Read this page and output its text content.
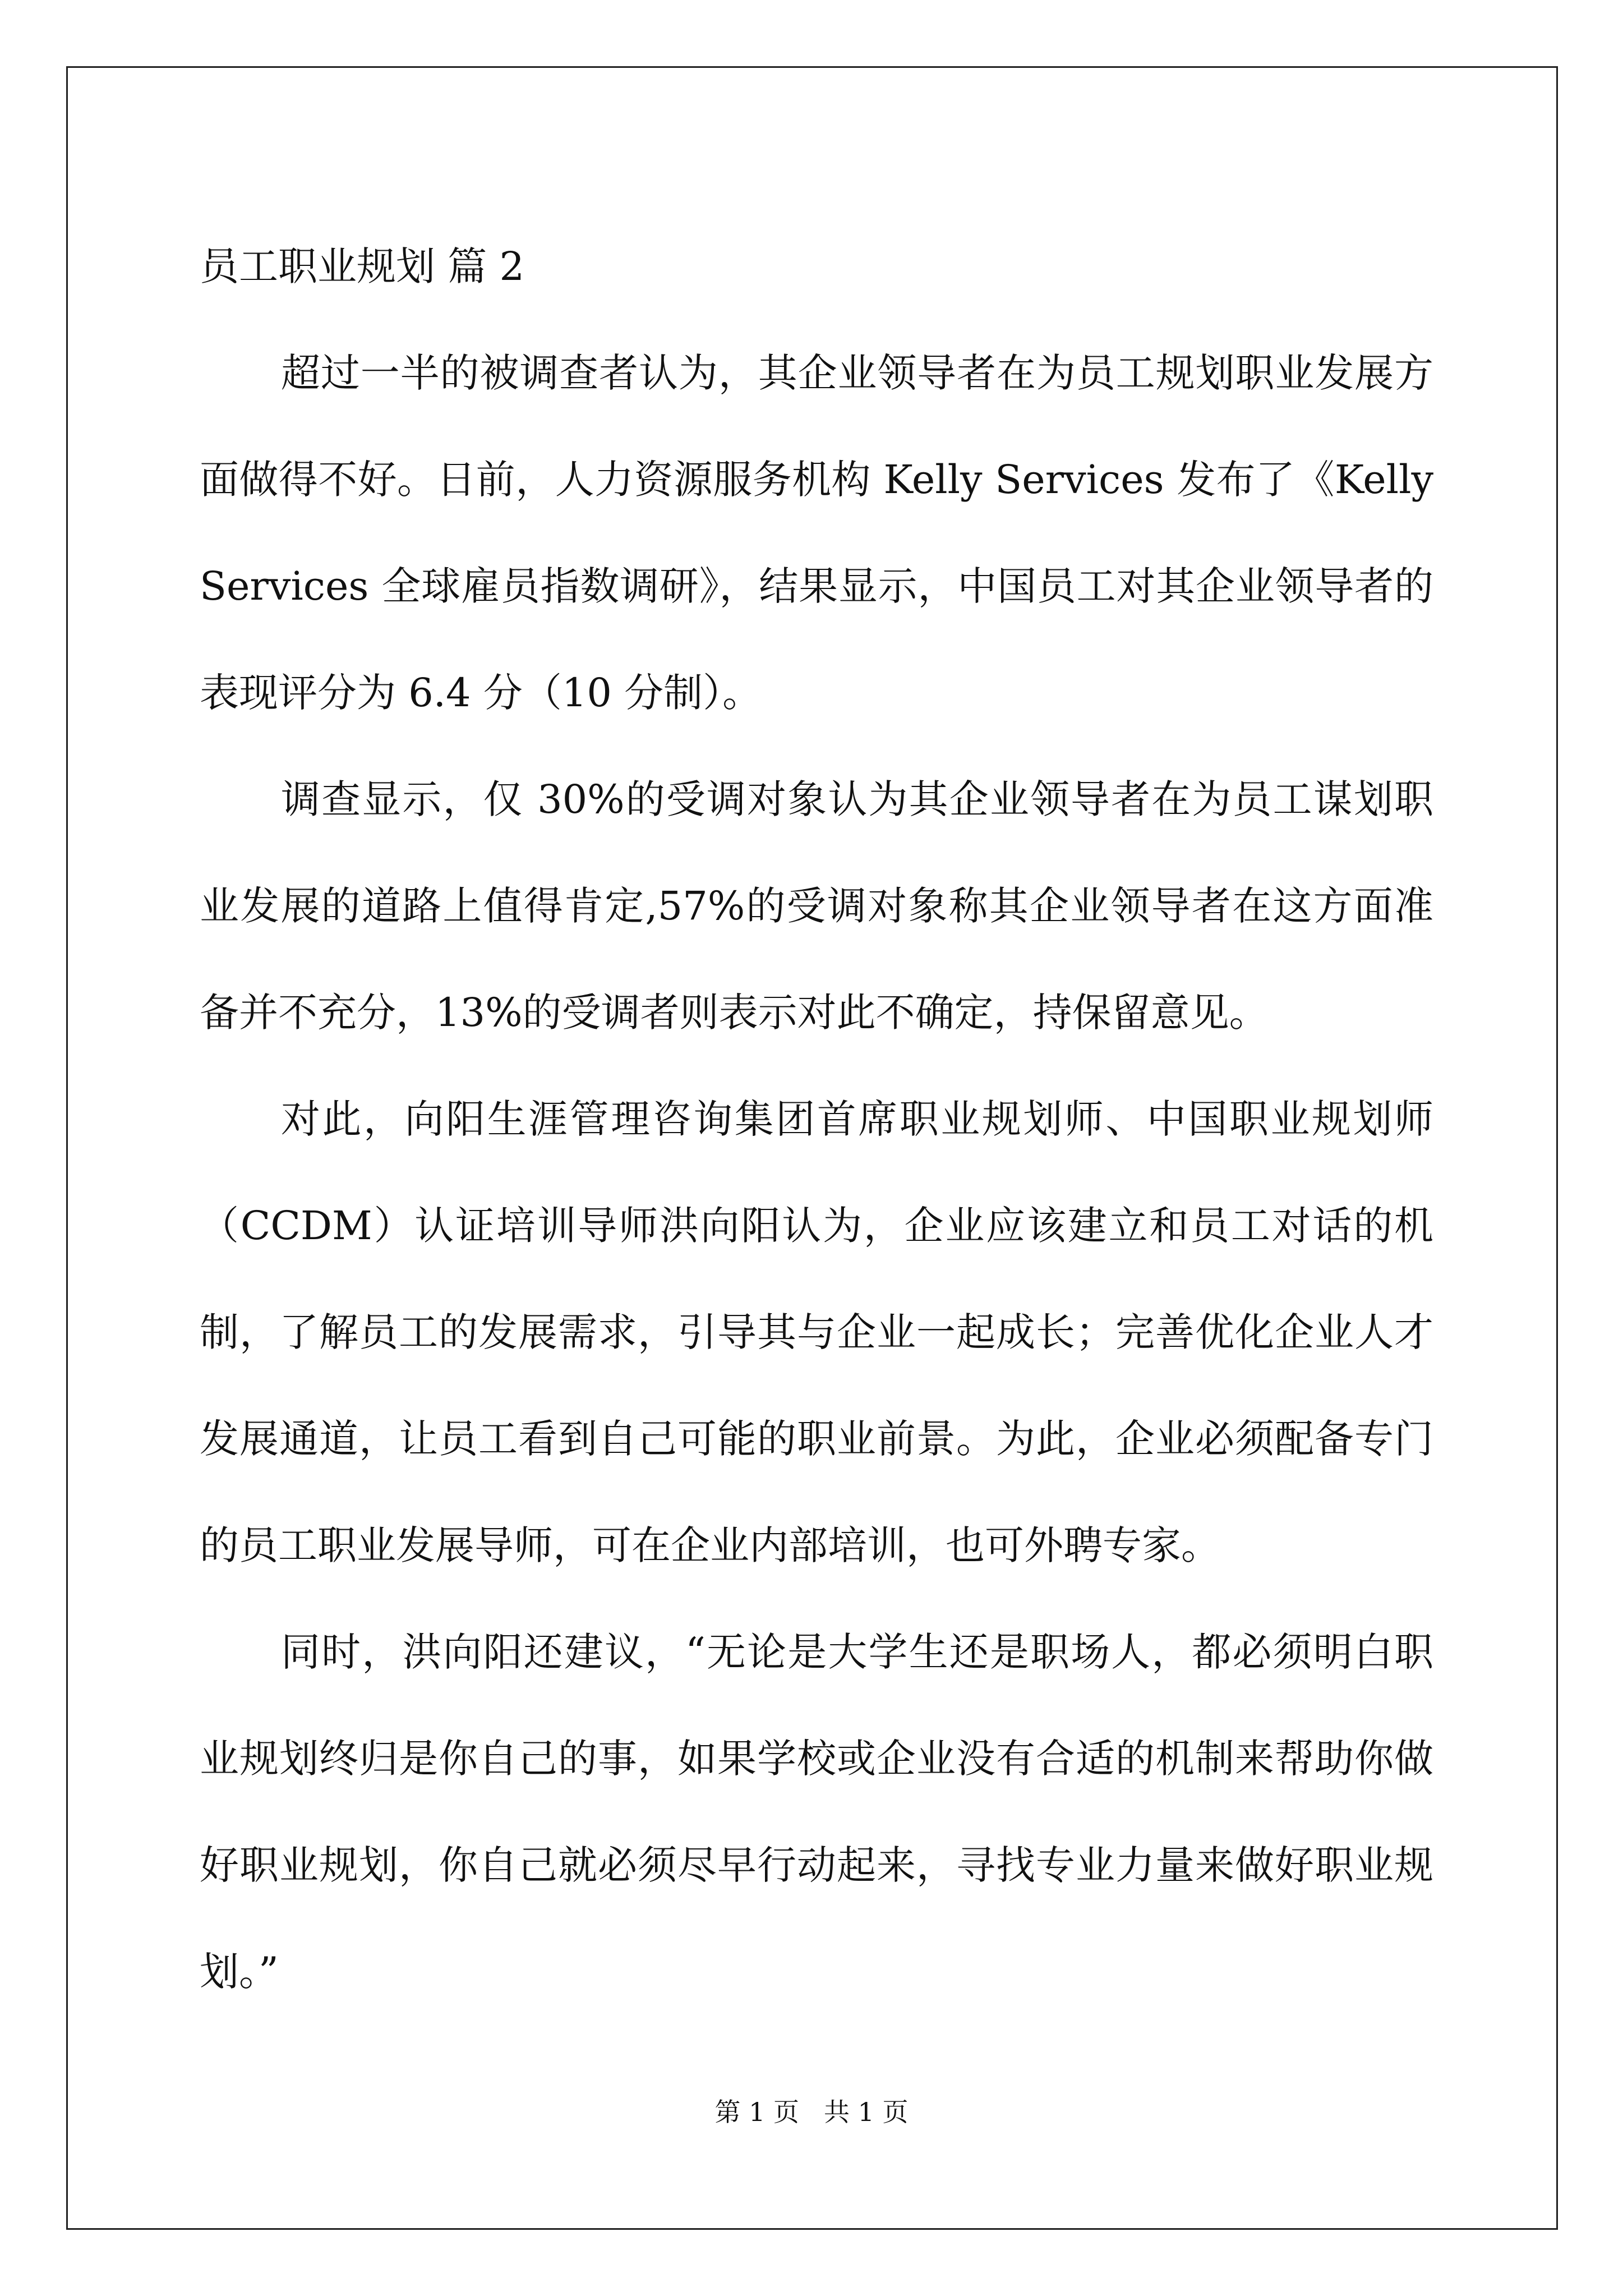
员工职业规划 篇 2

超过一半的被调查者认为，其企业领导者在为员工规划职业发展方面做得不好。日前，人力资源服务机构 Kelly Services 发布了《Kelly Services 全球雇员指数调研》，结果显示，中国员工对其企业领导者的表现评分为 6.4 分（10 分制）。

调查显示，仅 30%的受调对象认为其企业领导者在为员工谋划职业发展的道路上值得肯定,57%的受调对象称其企业领导者在这方面准备并不充分，13%的受调者则表示对此不确定，持保留意见。

对此，向阳生涯管理咨询集团首席职业规划师、中国职业规划师（CCDM）认证培训导师洪向阳认为，企业应该建立和员工对话的机制，了解员工的发展需求，引导其与企业一起成长；完善优化企业人才发展通道，让员工看到自己可能的职业前景。为此，企业必须配备专门的员工职业发展导师，可在企业内部培训，也可外聘专家。

同时，洪向阳还建议，“无论是大学生还是职场人，都必须明白职业规划终归是你自己的事，如果学校或企业没有合适的机制来帮助你做好职业规划，你自己就必须尽早行动起来，寻找专业力量来做好职业规划。”

第 1 页 共 1 页
